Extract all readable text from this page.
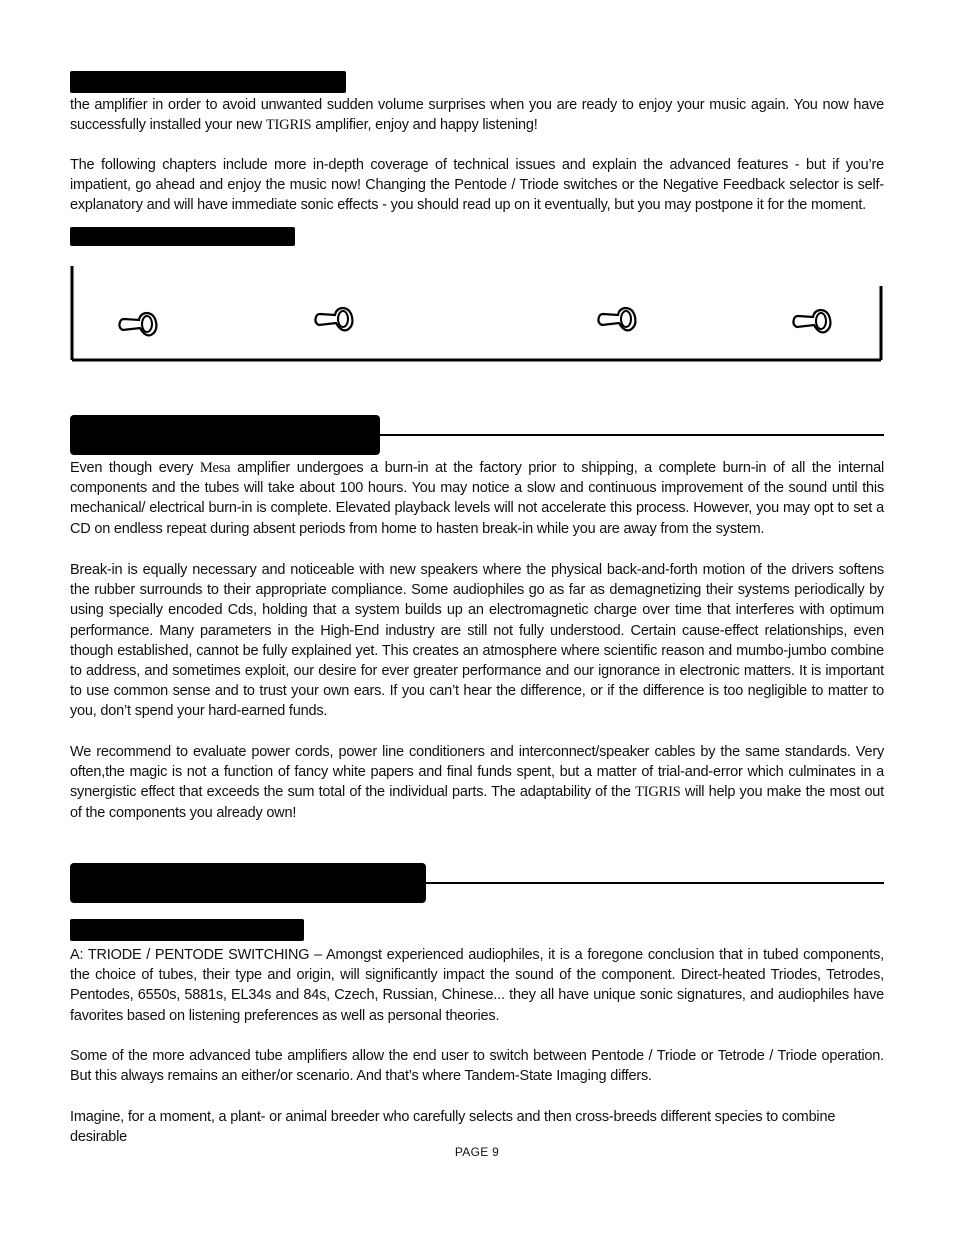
the amplifier in order to avoid unwanted sudden volume surprises when you are ready to enjoy your music again. You now have successfully installed your new TIGRIS amplifier, enjoy and happy listening!

The following chapters include more in-depth coverage of technical issues and explain the advanced features - but if you’re impatient, go ahead and enjoy the music now! Changing the Pentode / Triode switches or the Negative Feedback selector is self-explanatory and will have immediate sonic effects - you should read up on it eventually, but you may postpone it for the moment.

Even though every Mesa amplifier undergoes a burn-in at the factory prior to shipping, a complete burn-in of all the internal components and the tubes will take about 100 hours. You may notice a slow and continuous improvement of the sound until this mechanical/ electrical burn-in is complete. Elevated playback levels will not accelerate this process. However, you may opt to set a CD on endless repeat during absent periods from home to hasten break-in while you are away from the system.

Break-in is equally necessary and noticeable with new speakers where the physical back-and-forth motion of the drivers softens the rubber surrounds to their appropriate compliance. Some audiophiles go as far as demagnetizing their systems periodically by using specially encoded Cds, holding that a system builds up an electromagnetic charge over time that interferes with optimum performance. Many parameters in the High-End industry are still not fully understood. Certain cause-effect relationships, even though established, cannot be fully explained yet. This creates an atmosphere where scientific reason and mumbo-jumbo combine to address, and sometimes exploit, our desire for ever greater performance and our ignorance in electronic matters. It is important to use common sense and to trust your own ears. If you can’t hear the difference, or if the difference is too negligible to matter to you, don’t spend your hard-earned funds.

We recommend to evaluate power cords, power line conditioners and interconnect/speaker cables by the same standards. Very often,the magic is not a function of fancy white papers and final funds spent, but a matter of trial-and-error which culminates in a synergistic effect that exceeds the sum total of the individual parts. The adaptability of the TIGRIS will help you make the most out of the components you already own!

A: TRIODE / PENTODE SWITCHING – Amongst experienced audiophiles, it is a foregone conclusion that in tubed components, the choice of tubes, their type and origin, will significantly impact the sound of the component. Direct-heated Triodes, Tetrodes, Pentodes, 6550s, 5881s, EL34s and 84s, Czech, Russian, Chinese... they all have unique sonic signatures, and audiophiles have favorites based on listening preferences as well as personal theories.

Some of the more advanced tube amplifiers allow the end user to switch between Pentode / Triode or Tetrode / Triode operation. But this always remains an either/or scenario. And that’s where Tandem-State Imaging differs.

Imagine, for a moment, a plant- or animal breeder who carefully selects and then cross-breeds different species to combine desirable

PAGE 9
